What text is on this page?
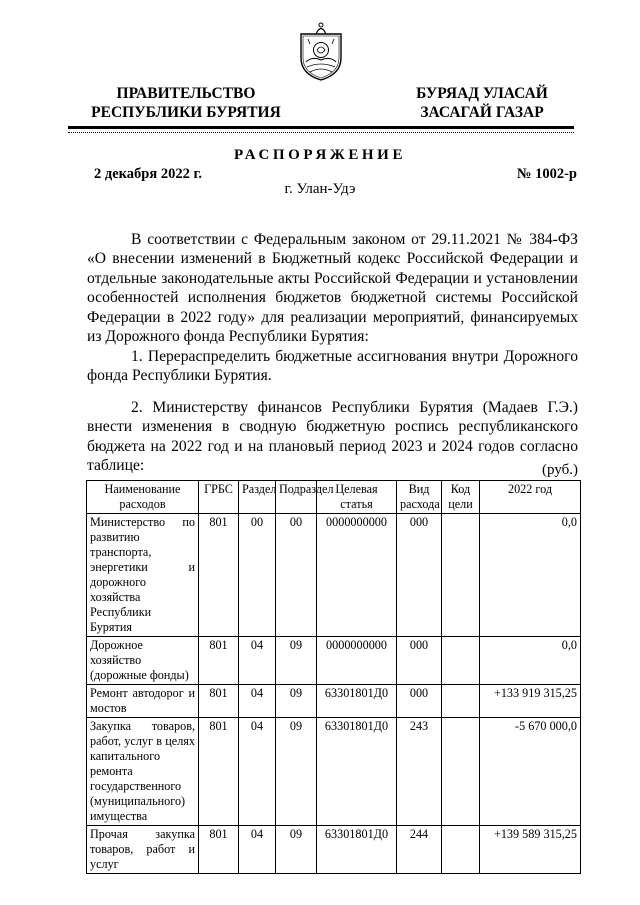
ПРАВИТЕЛЬСТВО
РЕСПУБЛИКИ БУРЯТИЯ
БУРЯАД УЛАСАЙ
ЗАСАГАЙ ГАЗАР
РАСПОРЯЖЕНИЕ
2 декабря 2022 г.	№ 1002-р
г. Улан-Удэ

В соответствии с Федеральным законом от 29.11.2021 № 384-ФЗ «О внесении изменений в Бюджетный кодекс Российской Федерации и отдельные законодательные акты Российской Федерации и установлении особенностей исполнения бюджетов бюджетной системы Российской Федерации в 2022 году» для реализации мероприятий, финансируемых из Дорожного фонда Республики Бурятия:

1. Перераспределить бюджетные ассигнования внутри Дорожного фонда Республики Бурятия.

2. Министерству финансов Республики Бурятия (Мадаев Г.Э.) внести изменения в сводную бюджетную роспись республиканского бюджета на 2022 год и на плановый период 2023 и 2024 годов согласно таблице:	(руб.)
Наименование расходов	ГРБС	Раздел	Подраздел	Целевая статья	Вид расхода	Код цели	2022 год
Министерство по развитию транспорта, энергетики и дорожного хозяйства Республики Бурятия	801	00	00	0000000000	000		0,0
Дорожное хозяйство (дорожные фонды)	801	04	09	0000000000	000		0,0
Ремонт автодорог и мостов	801	04	09	63301801Д0	000		+133 919 315,25
Закупка товаров, работ, услуг в целях капитального ремонта государственного (муниципального) имущества	801	04	09	63301801Д0	243		-5 670 000,0
Прочая закупка товаров, работ и услуг	801	04	09	63301801Д0	244		+139 589 315,25
